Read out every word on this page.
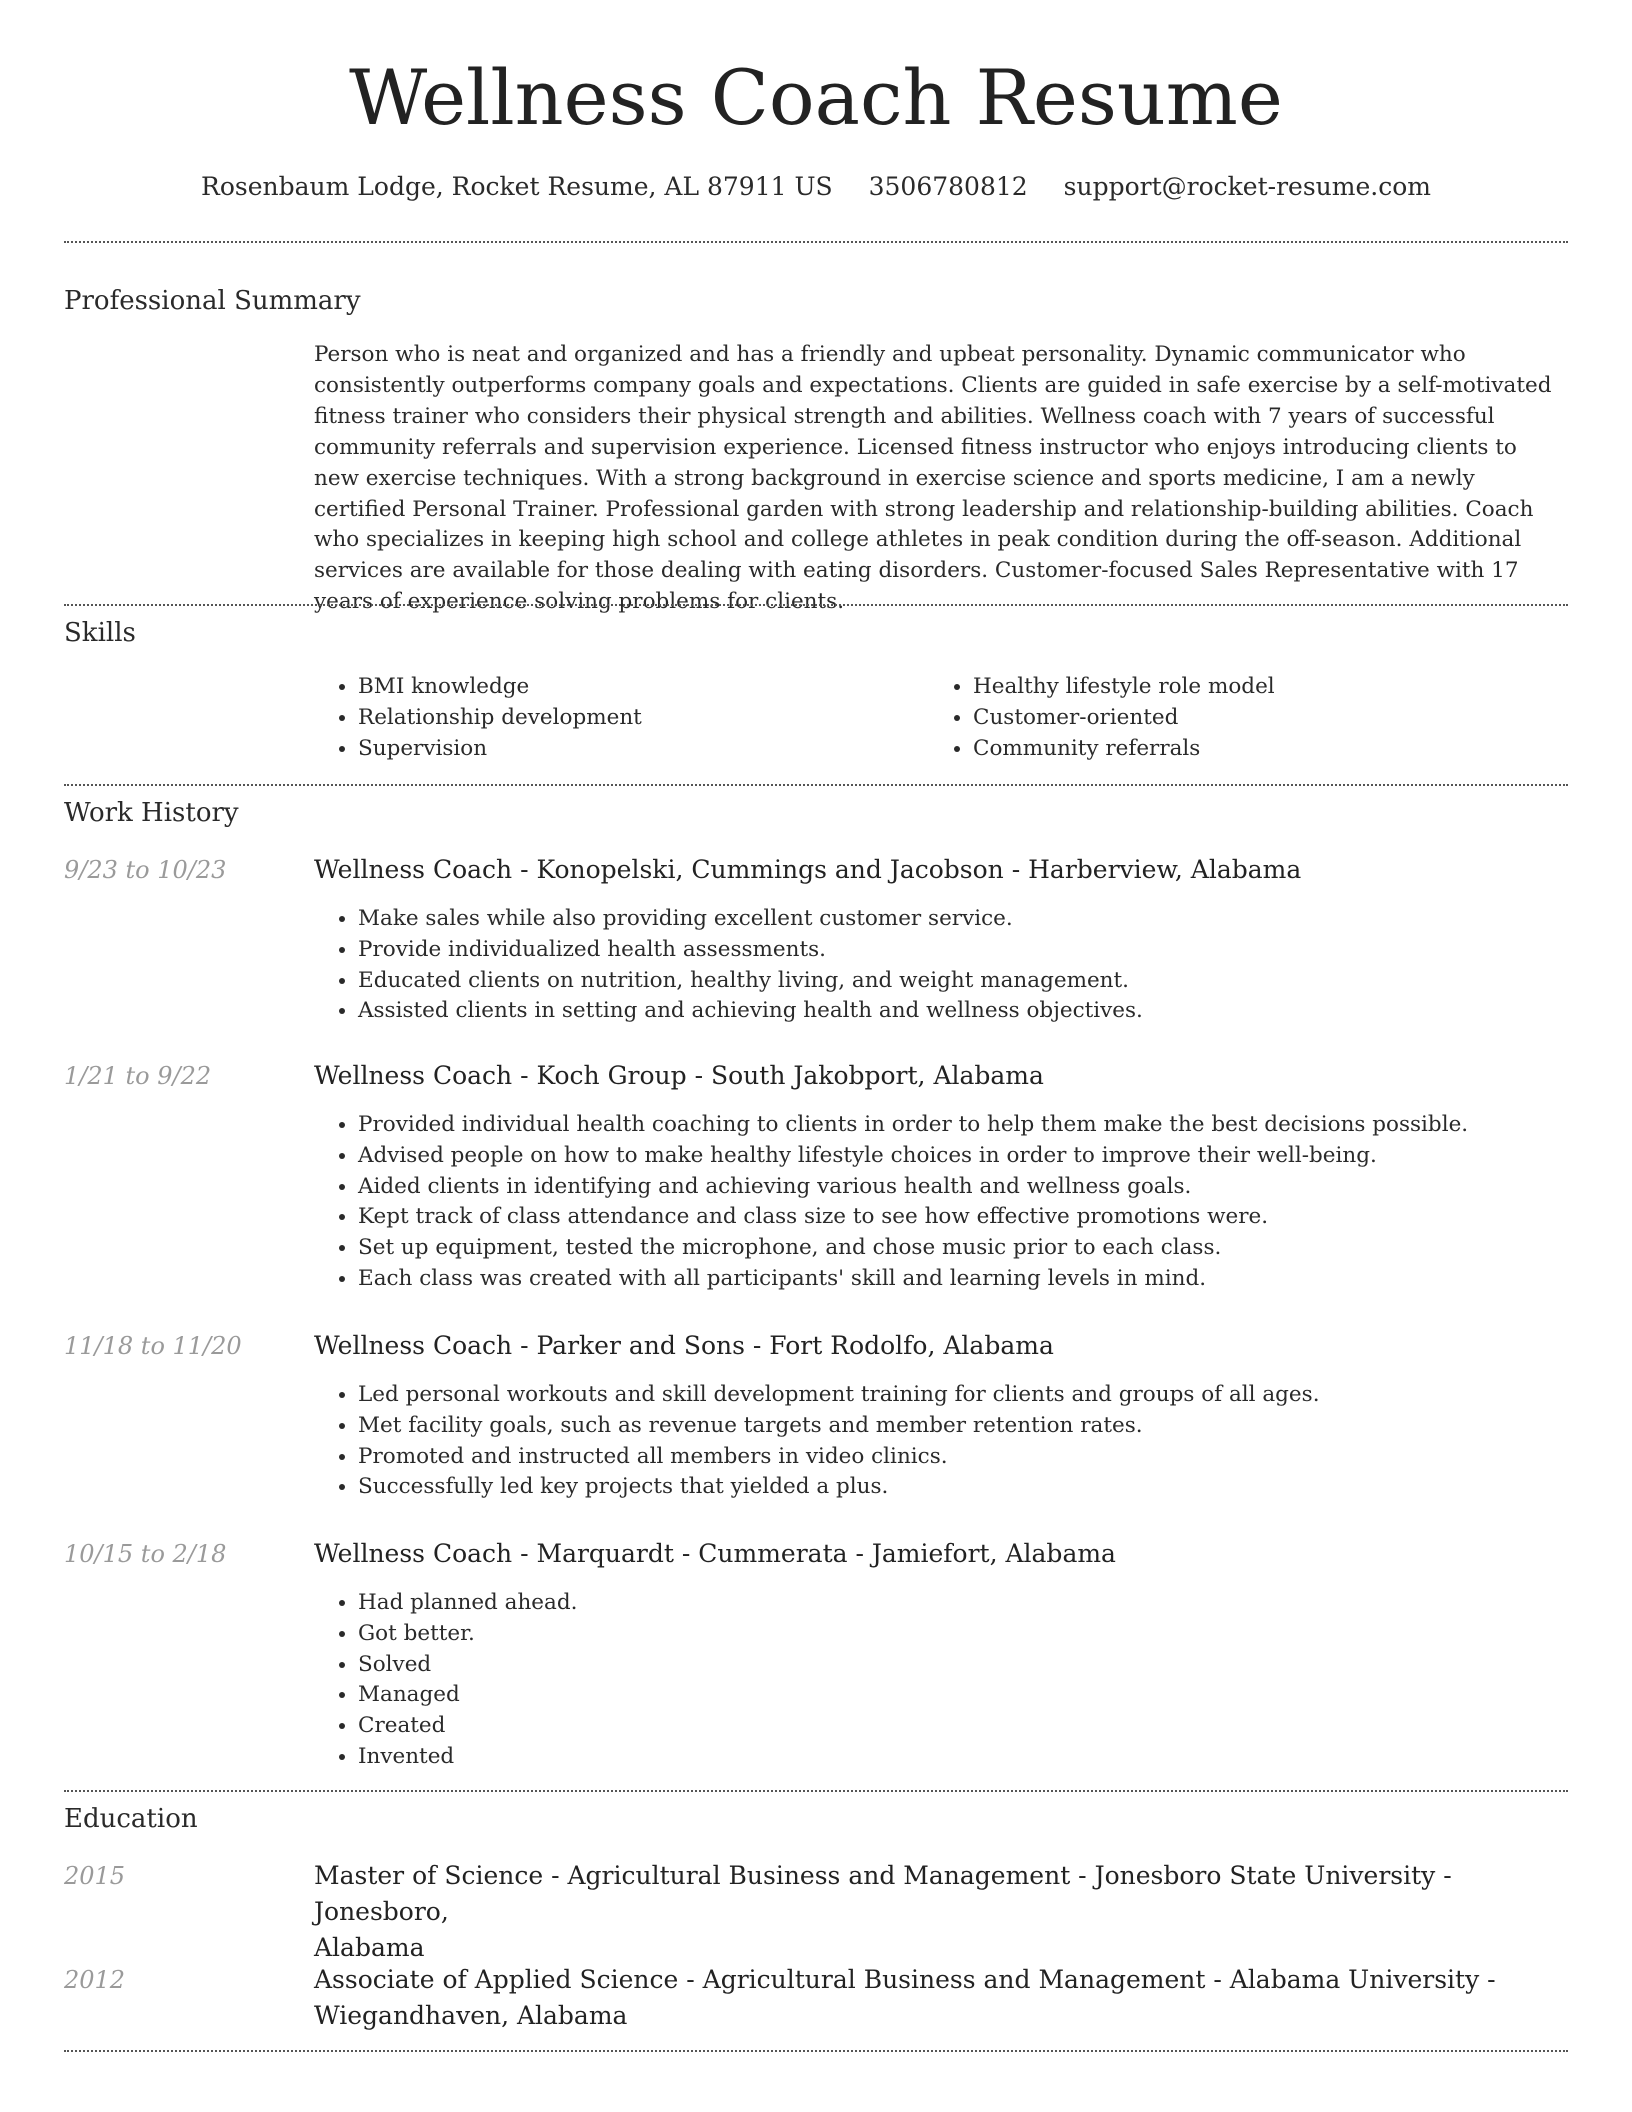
Wellness Coach Resume
Rosenbaum Lodge, Rocket Resume, AL 87911 US 3506780812 support@rocket-resume.com
Professional Summary
Person who is neat and organized and has a friendly and upbeat personality. Dynamic communicator who consistently outperforms company goals and expectations. Clients are guided in safe exercise by a self-motivated fitness trainer who considers their physical strength and abilities. Wellness coach with 7 years of successful community referrals and supervision experience. Licensed fitness instructor who enjoys introducing clients to new exercise techniques. With a strong background in exercise science and sports medicine, I am a newly certified Personal Trainer. Professional garden with strong leadership and relationship-building abilities. Coach who specializes in keeping high school and college athletes in peak condition during the off-season. Additional services are available for those dealing with eating disorders. Customer-focused Sales Representative with 17 years of experience solving problems for clients.
Skills
• BMI knowledge
• Relationship development
• Supervision
• Healthy lifestyle role model
• Customer-oriented
• Community referrals
Work History
9/23 to 10/23	Wellness Coach - Konopelski, Cummings and Jacobson - Harberview, Alabama
• Make sales while also providing excellent customer service.
• Provide individualized health assessments.
• Educated clients on nutrition, healthy living, and weight management.
• Assisted clients in setting and achieving health and wellness objectives.
1/21 to 9/22	Wellness Coach - Koch Group - South Jakobport, Alabama
• Provided individual health coaching to clients in order to help them make the best decisions possible.
• Advised people on how to make healthy lifestyle choices in order to improve their well-being.
• Aided clients in identifying and achieving various health and wellness goals.
• Kept track of class attendance and class size to see how effective promotions were.
• Set up equipment, tested the microphone, and chose music prior to each class.
• Each class was created with all participants' skill and learning levels in mind.
11/18 to 11/20	Wellness Coach - Parker and Sons - Fort Rodolfo, Alabama
• Led personal workouts and skill development training for clients and groups of all ages.
• Met facility goals, such as revenue targets and member retention rates.
• Promoted and instructed all members in video clinics.
• Successfully led key projects that yielded a plus.
10/15 to 2/18	Wellness Coach - Marquardt - Cummerata - Jamiefort, Alabama
• Had planned ahead.
• Got better.
• Solved
• Managed
• Created
• Invented
Education
2015	Master of Science - Agricultural Business and Management - Jonesboro State University - Jonesboro,
Alabama
2012	Associate of Applied Science - Agricultural Business and Management - Alabama University -
Wiegandhaven, Alabama
